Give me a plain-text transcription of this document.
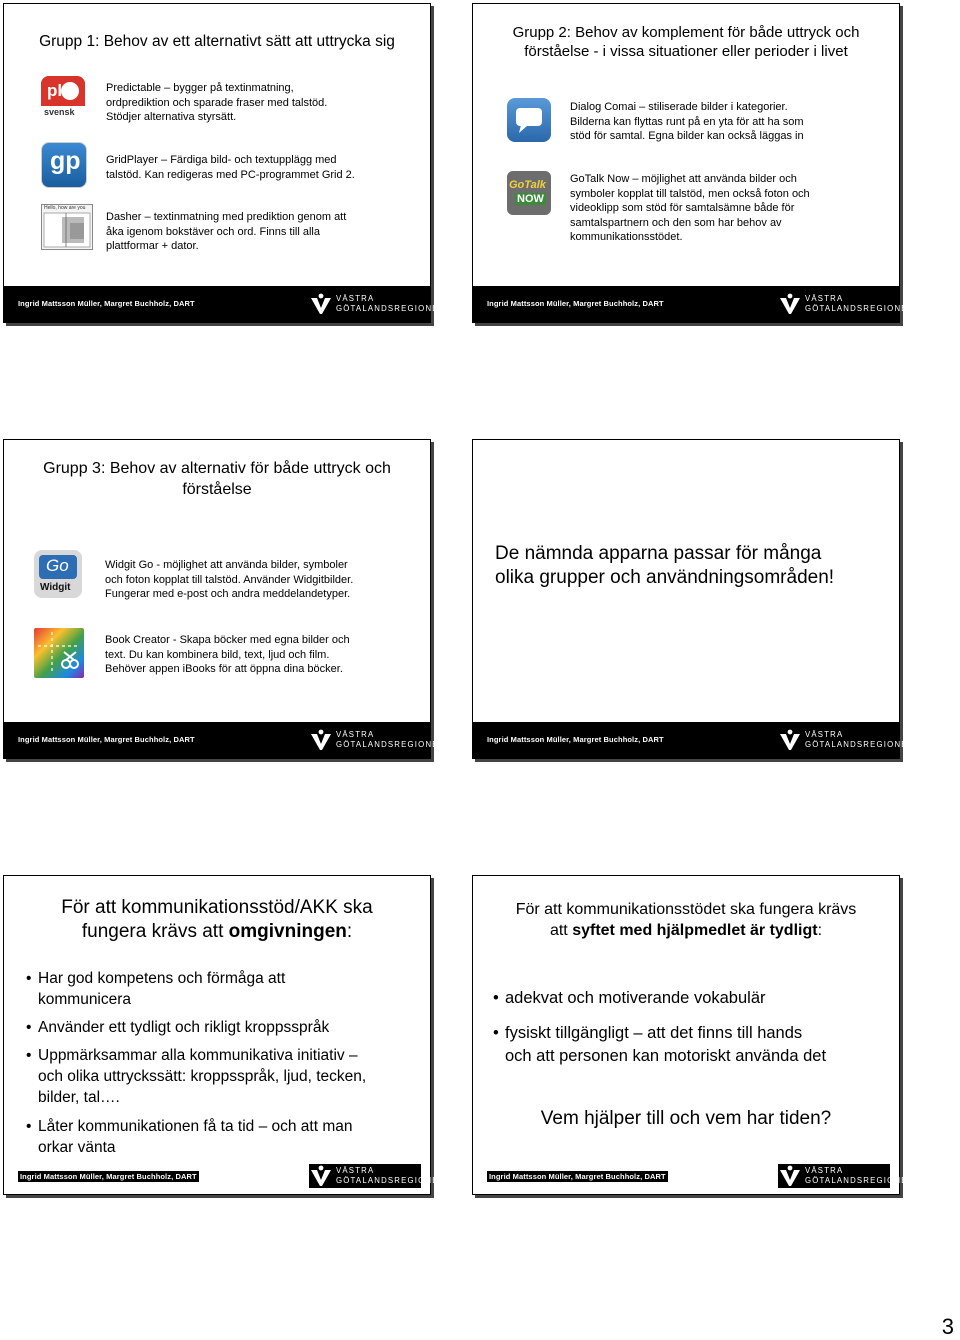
Grupp 1: Behov av ett alternativt sätt att uttrycka sig
pl
svensk
Predictable – bygger på textinmatning,
ordprediktion och sparade fraser med talstöd.
Stödjer alternativa styrsätt.
gp GridPlayer – Färdiga bild- och textupplägg med
talstöd. Kan redigeras med PC-programmet Grid 2.
Hello, how are you
Dasher – textinmatning med prediktion genom att
åka igenom bokstäver och ord. Finns till alla
plattformar + dator.
Ingrid Mattsson Müller, Margret Buchholz, DART
VÄSTRA
GÖTALANDSREGIONEN
Grupp 2: Behov av komplement för både uttryck och
förståelse - i vissa situationer eller perioder i livet
Dialog Comai – stiliserade bilder i kategorier.
Bilderna kan flyttas runt på en yta för att ha som
stöd för samtal. Egna bilder kan också läggas in
GoTalk
NOW
GoTalk Now – möjlighet att använda bilder och
symboler kopplat till talstöd, men också foton och
videoklipp som stöd för samtalsämne både för
samtalspartnern och den som har behov av
kommunikationsstödet.
Ingrid Mattsson Müller, Margret Buchholz, DART
VÄSTRA
GÖTALANDSREGIONEN
Grupp 3: Behov av alternativ för både uttryck och
förståelse
Go
Widgit
Widgit Go - möjlighet att använda bilder, symboler
och foton kopplat till talstöd. Använder Widgitbilder.
Fungerar med e-post och andra meddelandetyper.
Book Creator - Skapa böcker med egna bilder och
text. Du kan kombinera bild, text, ljud och film.
Behöver appen iBooks för att öppna dina böcker.
Ingrid Mattsson Müller, Margret Buchholz, DART
VÄSTRA
GÖTALANDSREGIONEN
De nämnda apparna passar för många
olika grupper och användningsområden!
Ingrid Mattsson Müller, Margret Buchholz, DART
VÄSTRA
GÖTALANDSREGIONEN
För att kommunikationsstöd/AKK ska
fungera krävs att omgivningen:
• Har god kompetens och förmåga att
kommunicera
• Använder ett tydligt och rikligt kroppsspråk
• Uppmärksammar alla kommunikativa initiativ –
och olika uttryckssätt: kroppsspråk, ljud, tecken,
bilder, tal….
• Låter kommunikationen få ta tid – och att man
orkar vänta
Ingrid Mattsson Müller, Margret Buchholz, DART
VÄSTRA
GÖTALANDSREGIONEN
För att kommunikationsstödet ska fungera krävs
att syftet med hjälpmedlet är tydligt:
• adekvat och motiverande vokabulär
• fysiskt tillgängligt – att det finns till hands
och att personen kan motoriskt använda det
Vem hjälper till och vem har tiden?
Ingrid Mattsson Müller, Margret Buchholz, DART
VÄSTRA
GÖTALANDSREGIONEN
3
